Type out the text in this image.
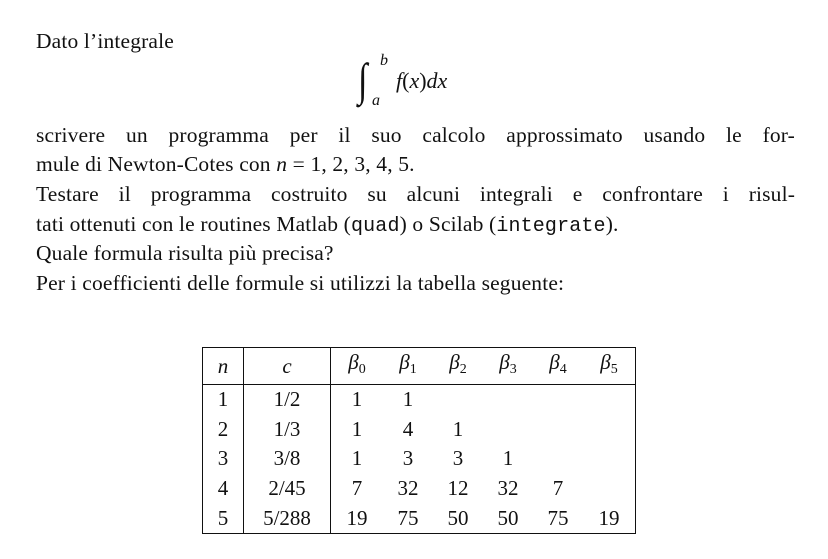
Dato l’integrale
∫ b
a
f(x)dx
scrivere un programma per il suo calcolo approssimato usando le for-
mule di Newton-Cotes con n = 1, 2, 3, 4, 5.
Testare il programma costruito su alcuni integrali e confrontare i risul-
tati ottenuti con le routines Matlab (quad) o Scilab (integrate).
Quale formula risulta più precisa?
Per i coefficienti delle formule si utilizzi la tabella seguente:
n	c	$\beta_0$	$\beta_1$	$\beta_2$	$\beta_3$	$\beta_4$	$\beta_5$
1	1/2	1	1				
2	1/3	1	4	1			
3	3/8	1	3	3	1		
4	2/45	7	32	12	32	7	
5	5/288	19	75	50	50	75	19
